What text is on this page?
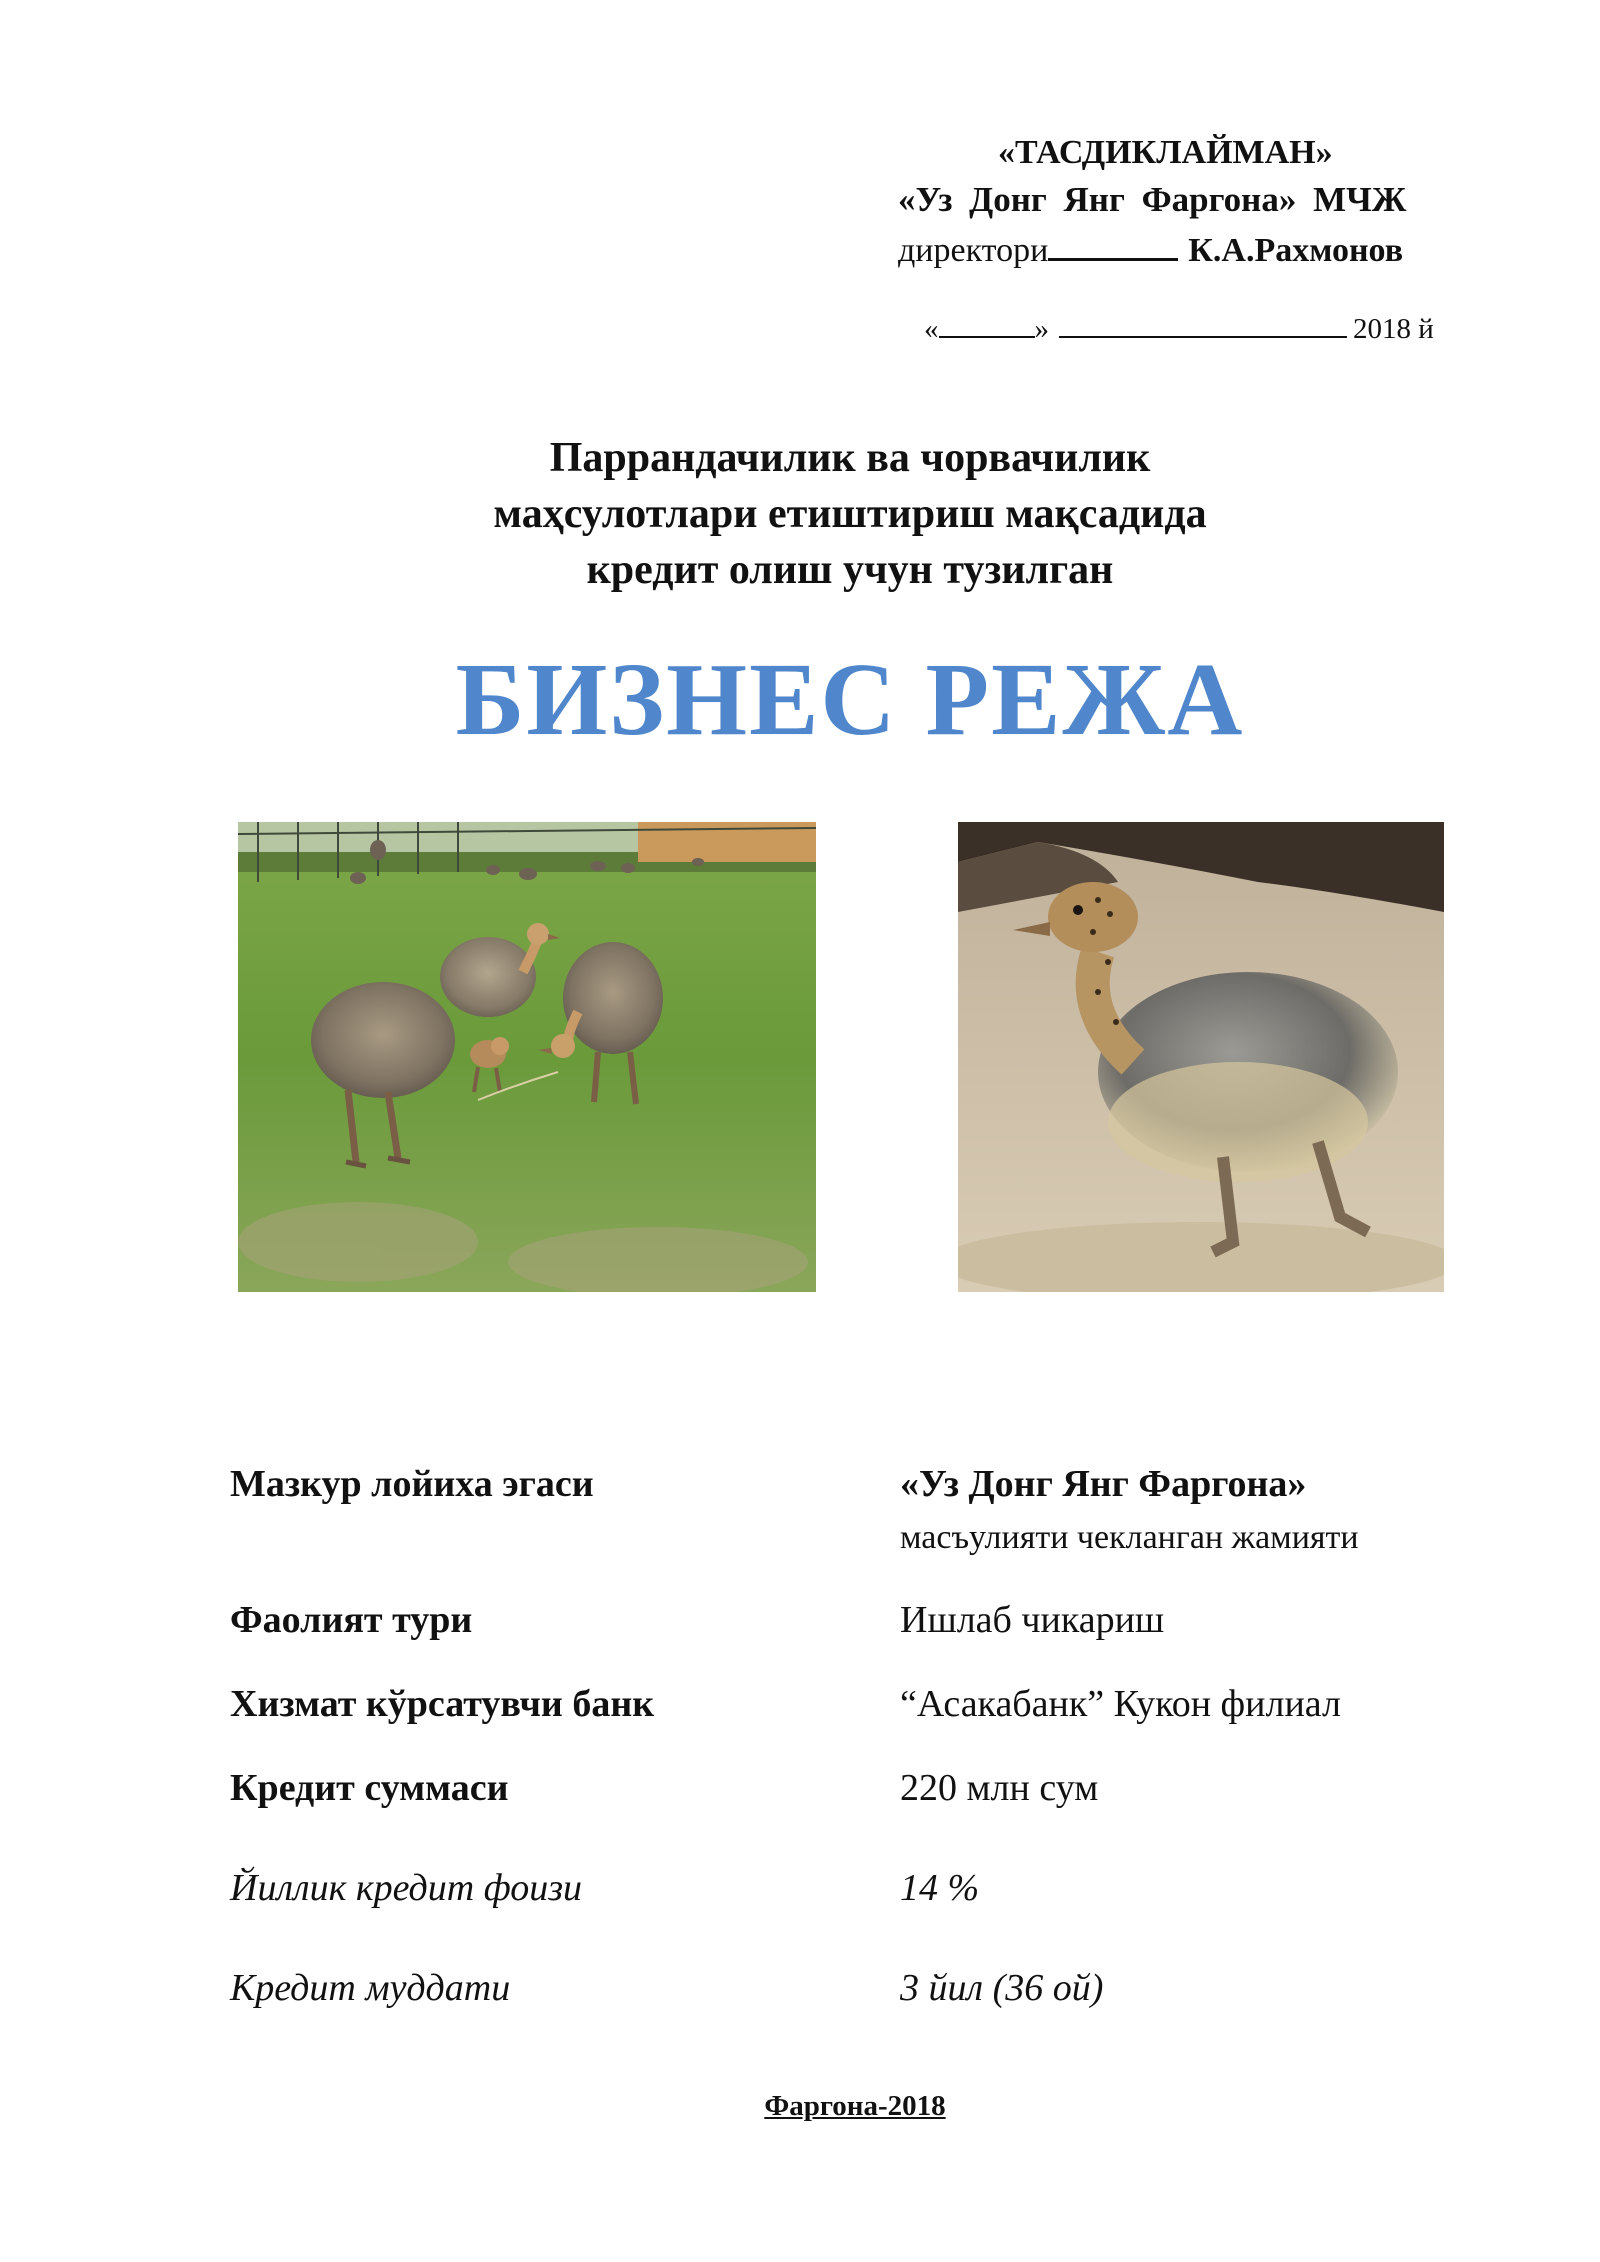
«ТАСДИКЛАЙМАН»
«Уз Донг Янг Фаргона» МЧЖ
директори	К.А.Рахмонов
«	»	2018 й
Паррандачилик ва чорвачилик
маҳсулотлари етиштириш мақсадида
кредит олиш учун тузилган
БИЗНЕС РЕЖА
Мазкур лойиха эгаси	«Уз Донг Янг Фаргона»
масъулияти чекланган жамияти
Фаолият тури	Ишлаб чикариш
Хизмат кўрсатувчи банк	“Асакабанк” Кукон филиал
Кредит суммаси	220 млн сум
Йиллик кредит фоизи	14 %
Кредит муддати	3 йил (36 ой)
Фаргона-2018
